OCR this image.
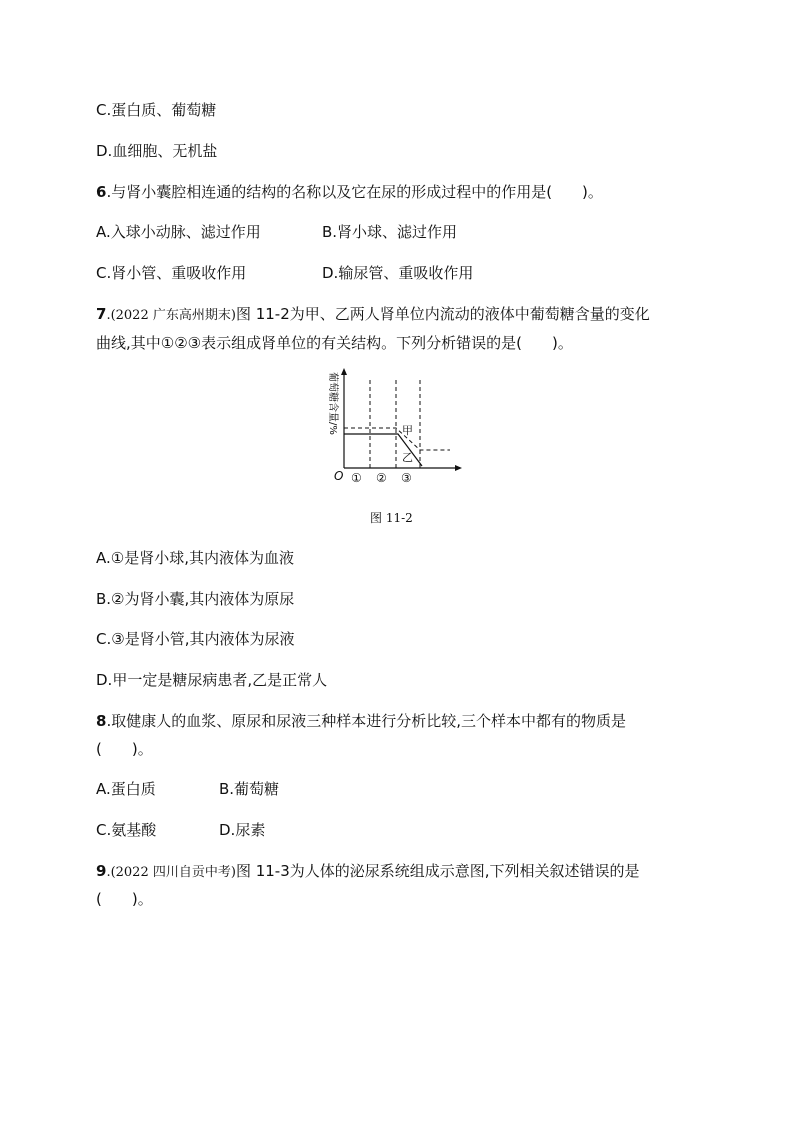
C.蛋白质、葡萄糖
D.血细胞、无机盐
6.与肾小囊腔相连通的结构的名称以及它在尿的形成过程中的作用是(　　)。
A.入球小动脉、滤过作用	B.肾小球、滤过作用
C.肾小管、重吸收作用	D.输尿管、重吸收作用
7.(2022 广东高州期末)图 11-2为甲、乙两人肾单位内流动的液体中葡萄糖含量的变化
曲线,其中①②③表示组成肾单位的有关结构。下列分析错误的是(　　)。
甲
乙
O ① ② ③
葡萄糖含量/%
图 11-2
A.①是肾小球,其内液体为血液
B.②为肾小囊,其内液体为原尿
C.③是肾小管,其内液体为尿液
D.甲一定是糖尿病患者,乙是正常人
8.取健康人的血浆、原尿和尿液三种样本进行分析比较,三个样本中都有的物质是
(　　)。
A.蛋白质	B.葡萄糖
C.氨基酸	D.尿素
9.(2022 四川自贡中考)图 11-3为人体的泌尿系统组成示意图,下列相关叙述错误的是
(　　)。
